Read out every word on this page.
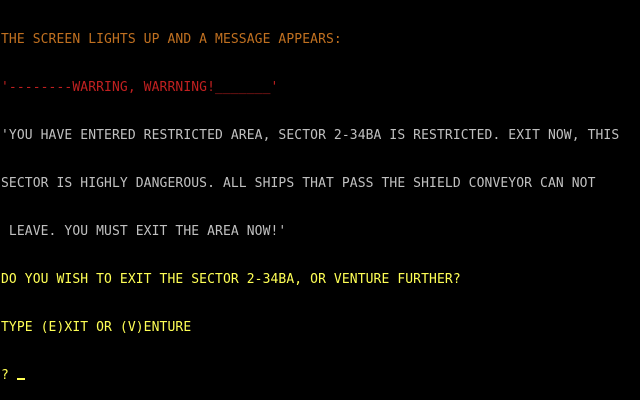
THE SCREEN LIGHTS UP AND A MESSAGE APPEARS:

'--------WARRING, WARRNING!_______'

'YOU HAVE ENTERED RESTRICTED AREA, SECTOR 2-34BA IS RESTRICTED. EXIT NOW, THIS

SECTOR IS HIGHLY DANGEROUS. ALL SHIPS THAT PASS THE SHIELD CONVEYOR CAN NOT

LEAVE. YOU MUST EXIT THE AREA NOW!'

DO YOU WISH TO EXIT THE SECTOR 2-34BA, OR VENTURE FURTHER?

TYPE (E)XIT OR (V)ENTURE

?
